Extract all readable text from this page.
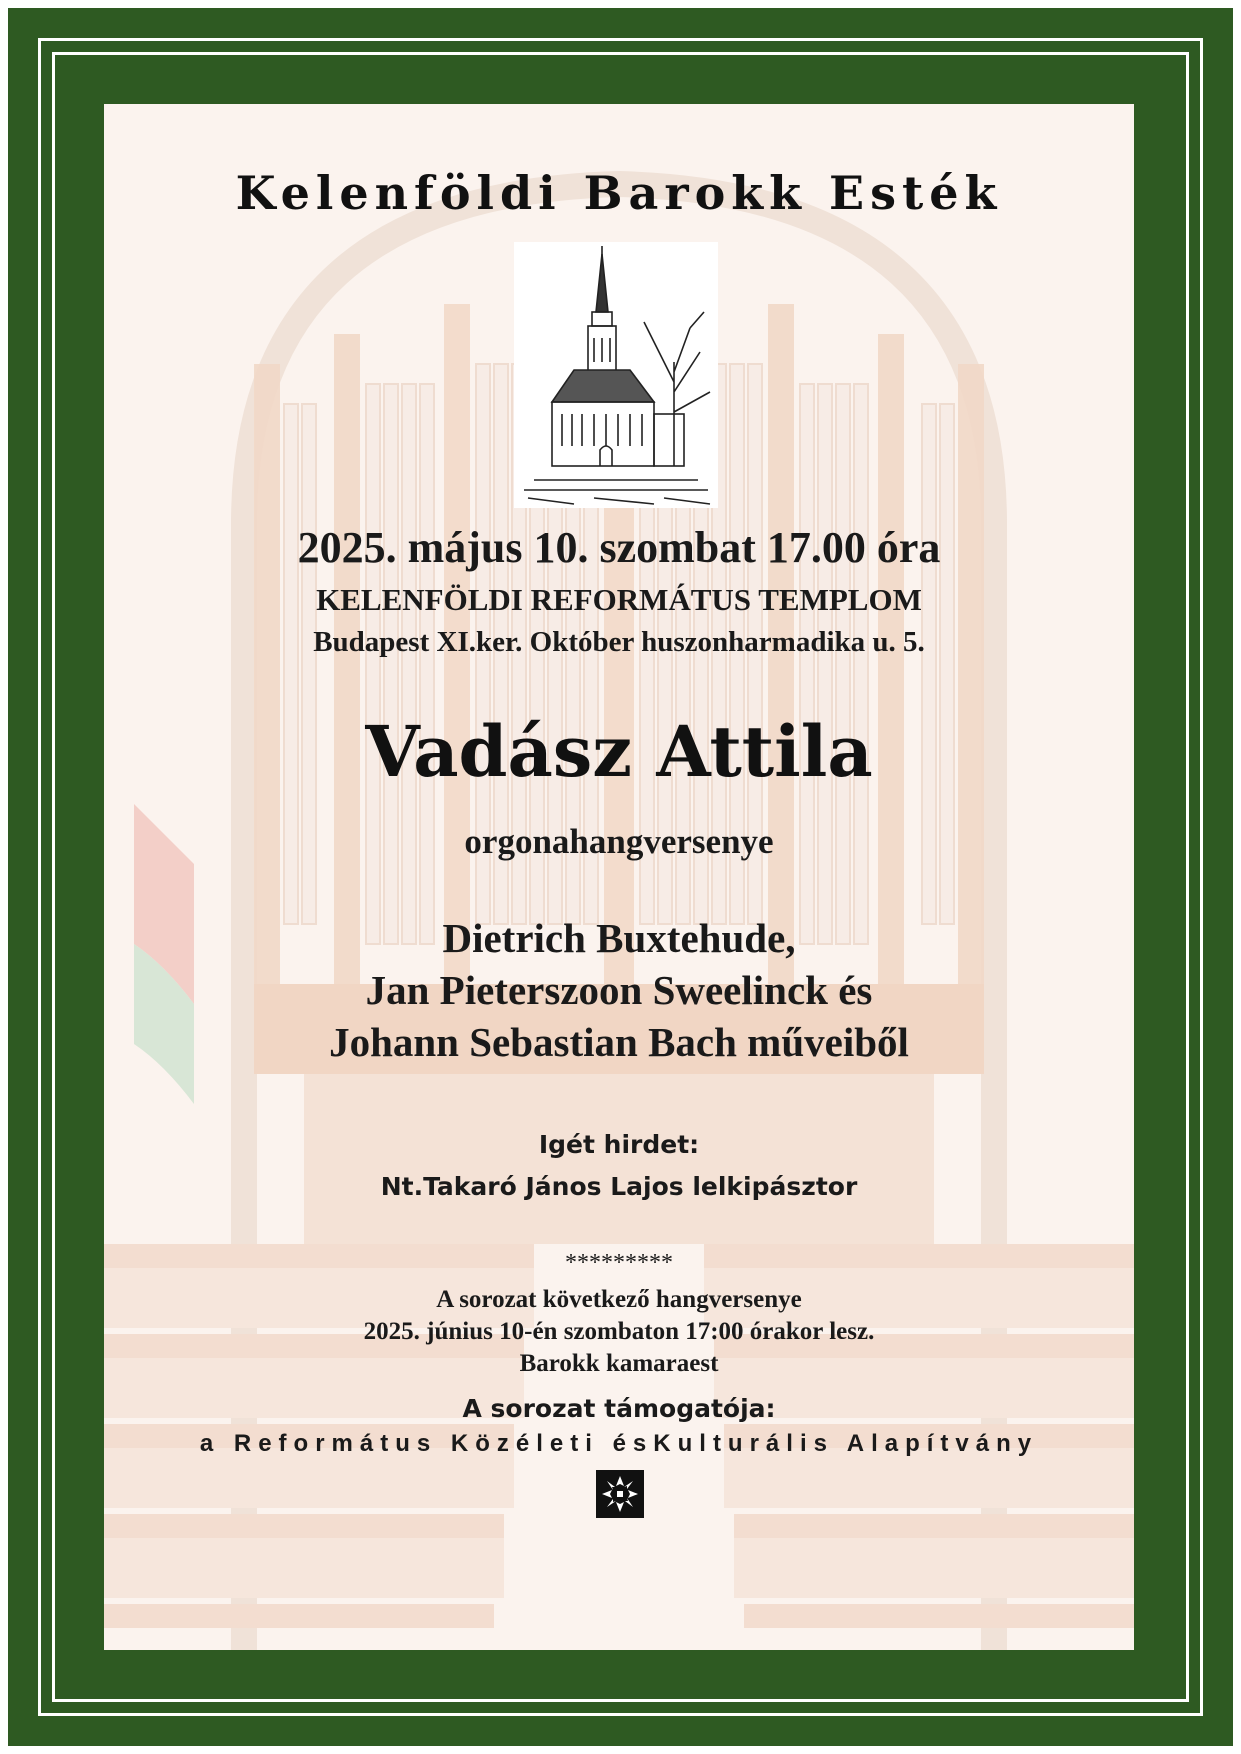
Kelenföldi Barokk Esték
2025. május 10. szombat 17.00 óra
KELENFÖLDI REFORMÁTUS TEMPLOM
Budapest XI.ker. Október huszonharmadika u. 5.
Vadász Attila
orgonahangversenye
Dietrich Buxtehude,
Jan Pieterszoon Sweelinck és
Johann Sebastian Bach műveiből
Igét hirdet:
Nt.Takaró János Lajos lelkipásztor
*********
A sorozat következő hangversenye
2025. június 10-én szombaton 17:00 órakor lesz.
Barokk kamaraest
A sorozat támogatója:
a Református Közéleti ésKulturális Alapítvány
